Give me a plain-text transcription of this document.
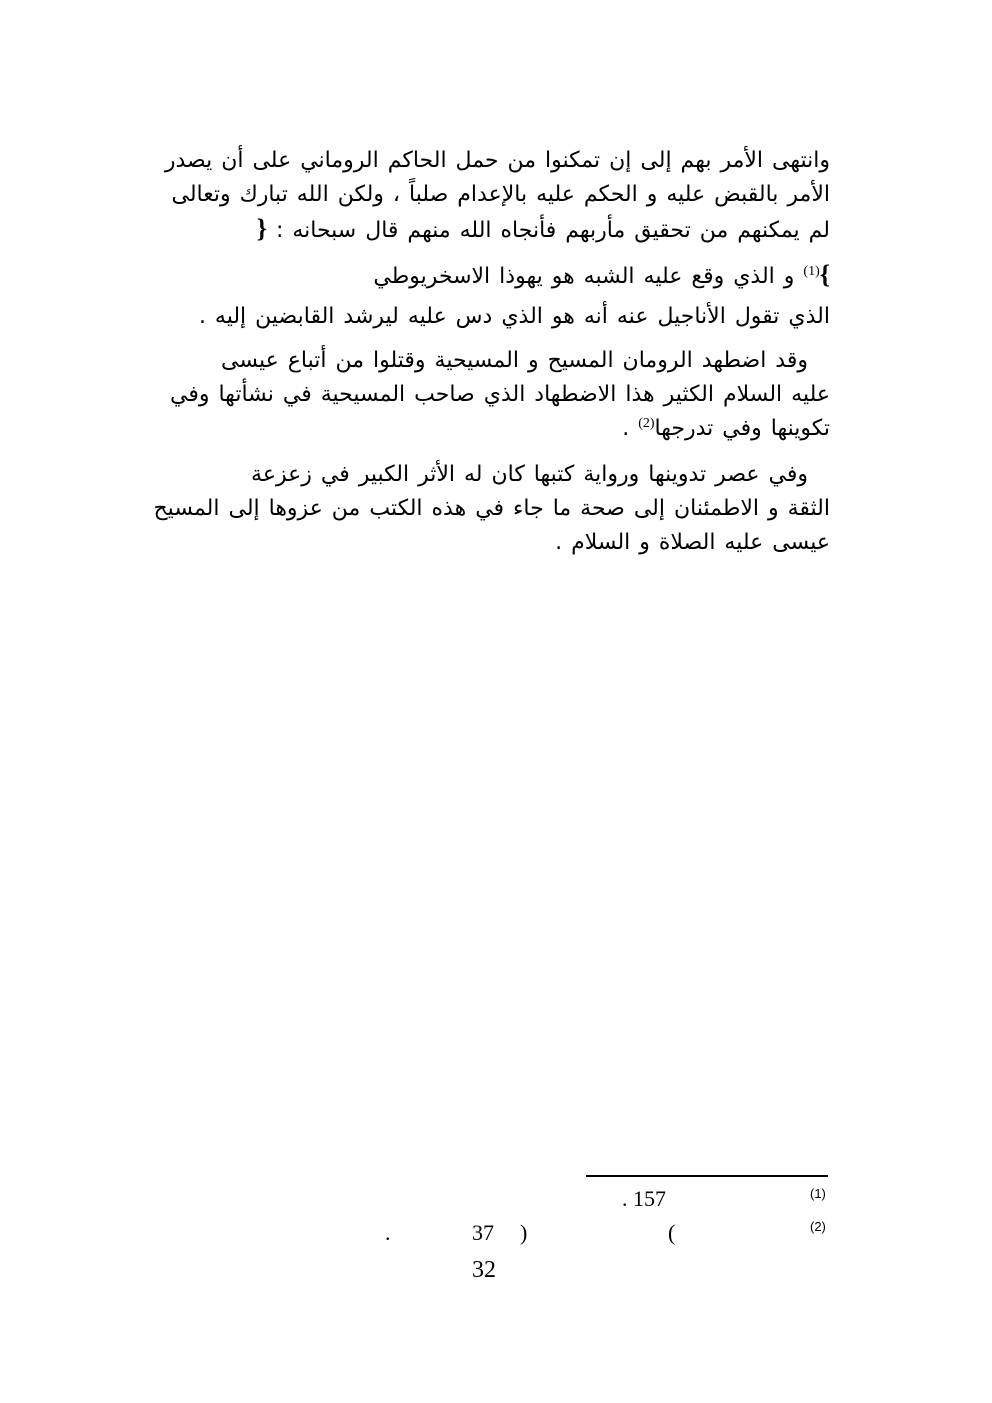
وانتهى الأمر بهم إلى إن تمكنوا من حمل الحاكم الروماني على أن يصدر
الأمر بالقبض عليه و الحكم عليه بالإعدام صلباً ، ولكن الله تبارك وتعالى
لم يمكنهم من تحقيق مأربهم فأنجاه الله منهم قال سبحانه : {
}$^{(1)}$ و الذي وقع عليه الشبه هو يهوذا الاسخريوطي
الذي تقول الأناجيل عنه أنه هو الذي دس عليه ليرشد القابضين إليه .
وقد اضطهد الرومان المسيح و المسيحية وقتلوا من أتباع عيسى
عليه السلام الكثير هذا الاضطهاد الذي صاحب المسيحية في نشأتها وفي
تكوينها وفي تدرجها$^{(2)}$ .
وفي عصر تدوينها ورواية كتبها كان له الأثر الكبير في زعزعة
الثقة و الاطمئنان إلى صحة ما جاء في هذه الكتب من عزوها إلى المسيح
عيسى عليه الصلاة و السلام .
(1)
. 157
(2)
(
)
37
.
32
